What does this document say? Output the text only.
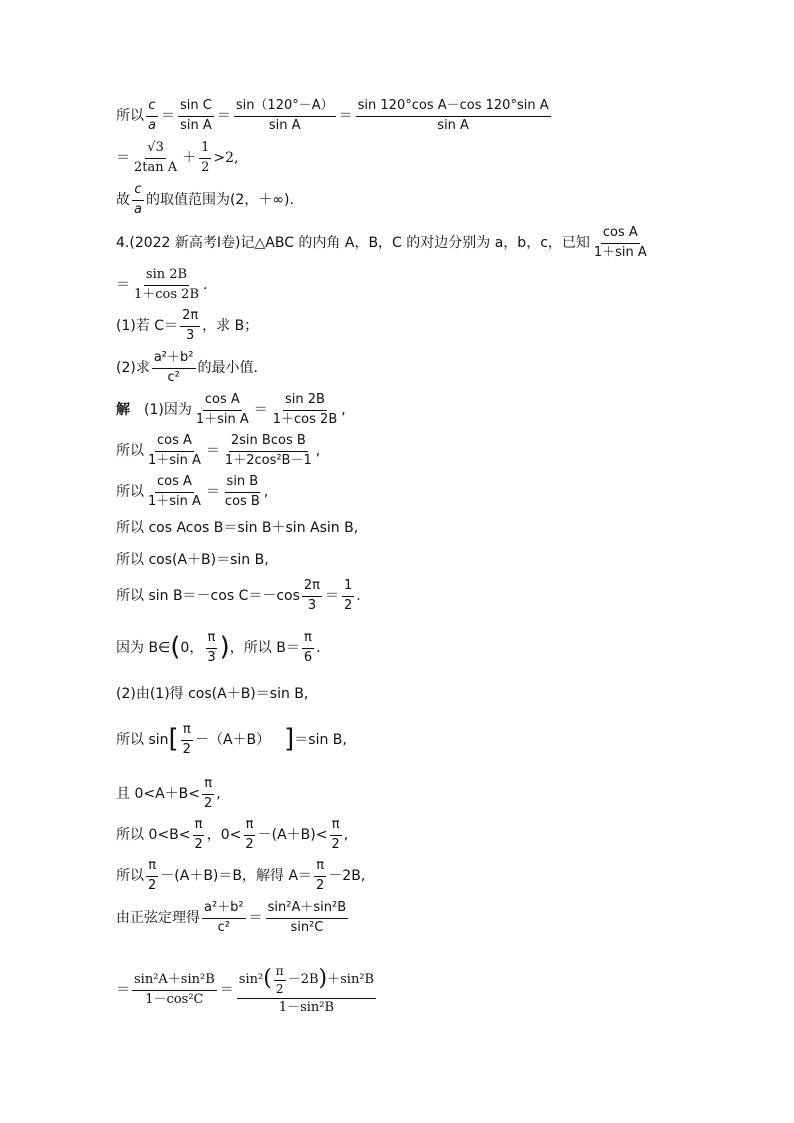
所以 $\frac{c}{a} = \frac{\text{sin C}}{\text{sin A}} = \frac{\sin(120^\circ-A)}{\text{sin A}} = \frac{\text{sin 120°cos A－cos 120°sin A}}{\text{sin A}}$
＝ $\frac{√3}{\text{2tan A}} + \frac{1}{2} >2$,
故 $\frac{c}{a}$ 的取值范围为(2，＋∞).
4.(2022 新高考Ⅰ卷)记△ABC 的内角 A，B，C 的对边分别为 a，b，c，已知 $\frac{\text{cos A}}{\text{1＋sin A}}$
＝ $\frac{\sin 2B}{1+\cos 2B}$ .
(1)若 $C= \frac{2\pi}{3}$ ，求 B；
(2)求 $\frac{\text{a²＋b²}}{\text{c²}}$ 的最小值.
解 (1)因为 $\frac{\text{cos A}}{\text{1＋sin A}} = \frac{\sin 2B}{1+\cos 2B}$ ,
所以 $\frac{\text{cos A}}{\text{1＋sin A}} = \frac{\text{2sin Bcos B}}{\text{1＋2cos²B－1}}$ ,
所以 $\frac{\text{cos A}}{\text{1＋sin A}} = \frac{\text{sin B}}{\text{cos B}}$ ,
所以 cos Acos B＝sin B＋sin Asin B,
所以 cos(A＋B)＝sin B,
所以 sin B＝－cos $C=-\cos \frac{2\pi}{3} = \frac{1}{2}$ .
因为 B∈ ( 0， $\frac{\pi}{3}$ ) ，所以 $B= \frac{\pi}{6}$ .
(2)由(1)得 cos(A＋B)＝sin B,
所以 sin [ $\frac{\pi}{2} -(A+B)$ ] ＝sin B,
且 $0<A+B< \frac{\pi}{2}$ ,
所以 $0<B< \frac{\pi}{2}$ ，$0< \frac{\pi}{2} -(A+B)< \frac{\pi}{2}$ ,
所以 $\frac{\pi}{2} -(A+B)=B$，解得 $A= \frac{\pi}{2} -2B$,
由正弦定理得 $\frac{\text{a²＋b²}}{\text{c²}} = \frac{\text{sin²A＋sin²B}}{\text{sin²C}}$
＝ $\frac{\text{sin²A＋sin²B}}{\text{1－cos²C}}$ ＝
sin² ( $\frac{\pi}{2} -2B$ ) ＋sin²B
1－sin²B
